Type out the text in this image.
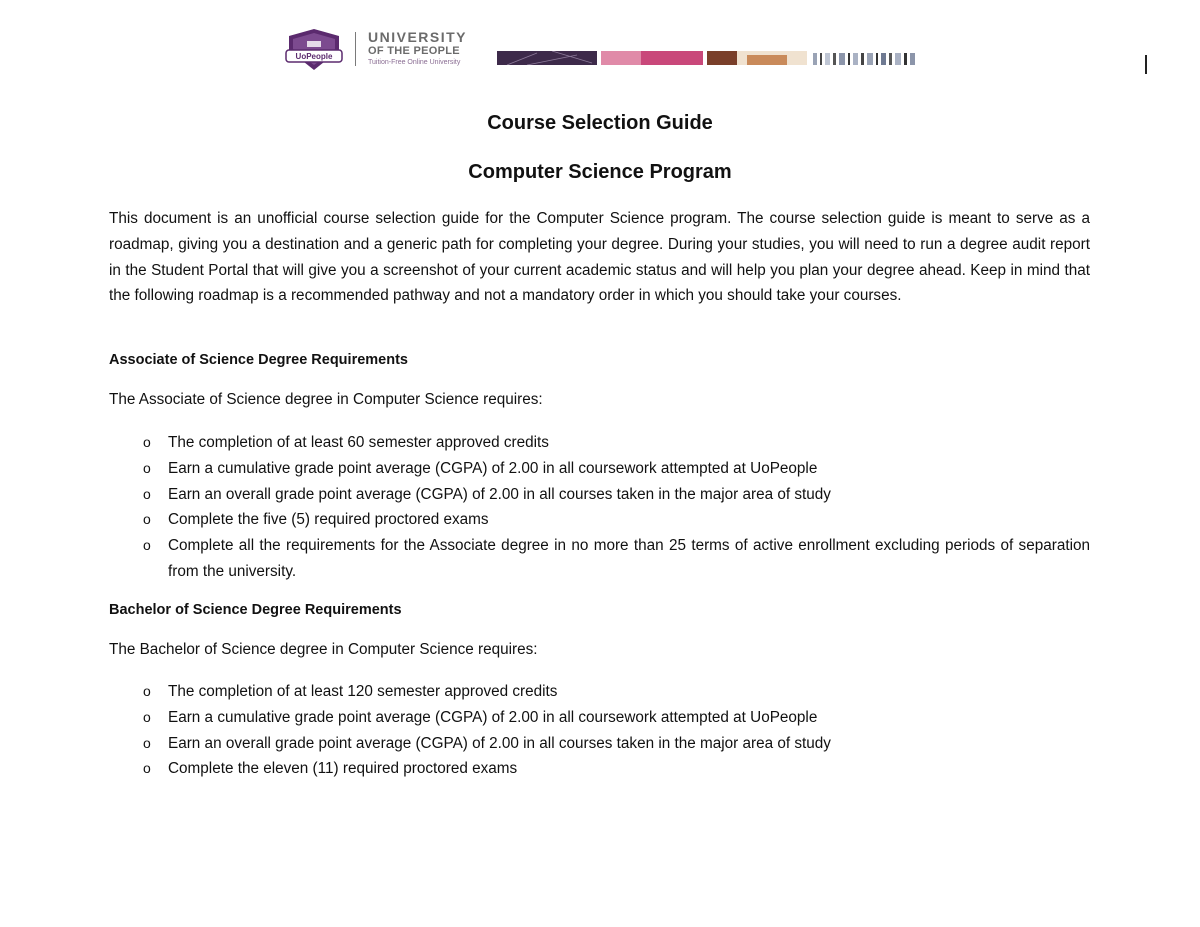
UoPeople
UNIVERSITY
OF THE PEOPLE
Tuition-Free Online University
Course Selection Guide
Computer Science Program

This document is an unofficial course selection guide for the Computer Science program. The course selection guide is meant to serve as a roadmap, giving you a destination and a generic path for completing your degree. During your studies, you will need to run a degree audit report in the Student Portal that will give you a screenshot of your current academic status and will help you plan your degree ahead. Keep in mind that the following roadmap is a recommended pathway and not a mandatory order in which you should take your courses.

Associate of Science Degree Requirements

The Associate of Science degree in Computer Science requires:

o The completion of at least 60 semester approved credits
o Earn a cumulative grade point average (CGPA) of 2.00 in all coursework attempted at UoPeople
o Earn an overall grade point average (CGPA) of 2.00 in all courses taken in the major area of study
o Complete the five (5) required proctored exams
o Complete all the requirements for the Associate degree in no more than 25 terms of active enrollment excluding periods of separation from the university.
Bachelor of Science Degree Requirements

The Bachelor of Science degree in Computer Science requires:

o The completion of at least 120 semester approved credits
o Earn a cumulative grade point average (CGPA) of 2.00 in all coursework attempted at UoPeople
o Earn an overall grade point average (CGPA) of 2.00 in all courses taken in the major area of study
o Complete the eleven (11) required proctored exams
